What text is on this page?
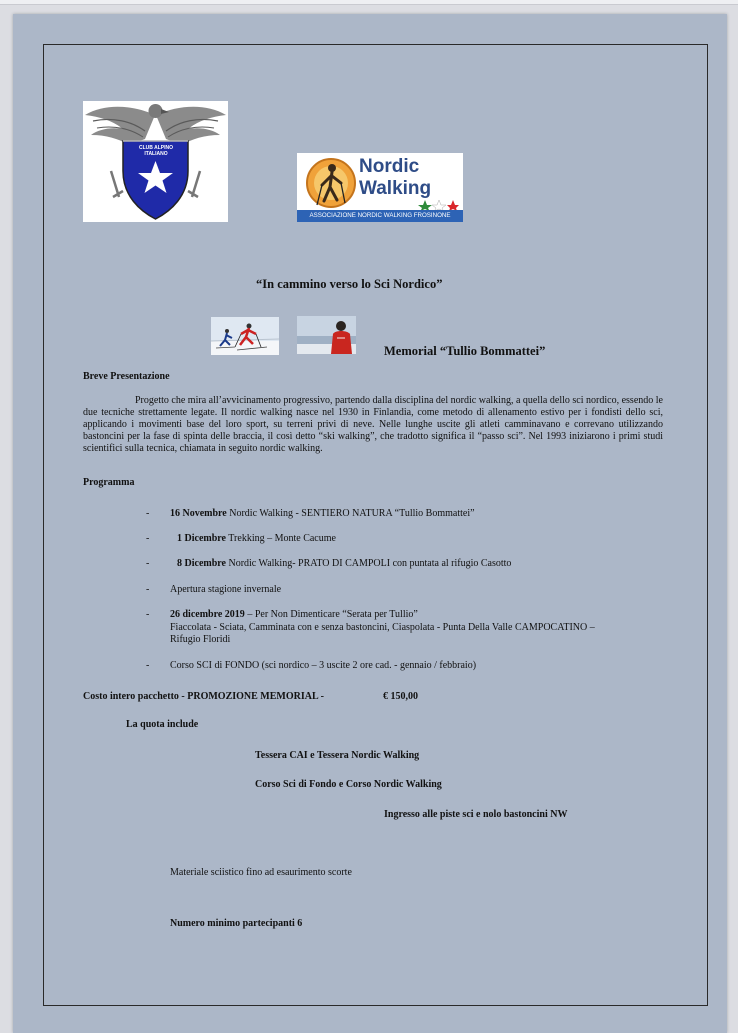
CLUB ALPINO ITALIANO
Nordic
Walking
ASSOCIAZIONE NORDIC WALKING FROSINONE
“In cammino verso lo Sci Nordico”
Memorial “Tullio Bommattei”
Breve Presentazione
Progetto che mira all’avvicinamento progressivo, partendo dalla disciplina del nordic walking, a quella dello sci nordico, essendo le due tecniche strettamente legate. Il nordic walking nasce nel 1930 in Finlandia, come metodo di allenamento estivo per i fondisti dello sci, applicando i movimenti base del loro sport, su terreni privi di neve. Nelle lunghe uscite gli atleti camminavano e correvano utilizzando bastoncini per la fase di spinta delle braccia, il così detto “ski walking”, che tradotto significa il “passo sci”. Nel 1993 iniziarono i primi studi scientifici sulla tecnica, chiamata in seguito nordic walking.
Programma
- 16 Novembre Nordic Walking - SENTIERO NATURA “Tullio Bommattei”
-	1 Dicembre Trekking – Monte Cacume
-	8 Dicembre Nordic Walking- PRATO DI CAMPOLI con puntata al rifugio Casotto
- Apertura stagione invernale
- 26 dicembre 2019 – Per Non Dimenticare “Serata per Tullio”
Fiaccolata - Sciata, Camminata con e senza bastoncini, Ciaspolata - Punta Della Valle CAMPOCATINO –
Rifugio Floridi
- Corso SCI di FONDO (sci nordico – 3 uscite 2 ore cad. - gennaio / febbraio)
Costo intero pacchetto - PROMOZIONE MEMORIAL -	€ 150,00
La quota include
Tessera CAI e Tessera Nordic Walking
Corso Sci di Fondo e Corso Nordic Walking
Ingresso alle piste sci e nolo bastoncini NW
Materiale sciistico fino ad esaurimento scorte
Numero minimo partecipanti 6
